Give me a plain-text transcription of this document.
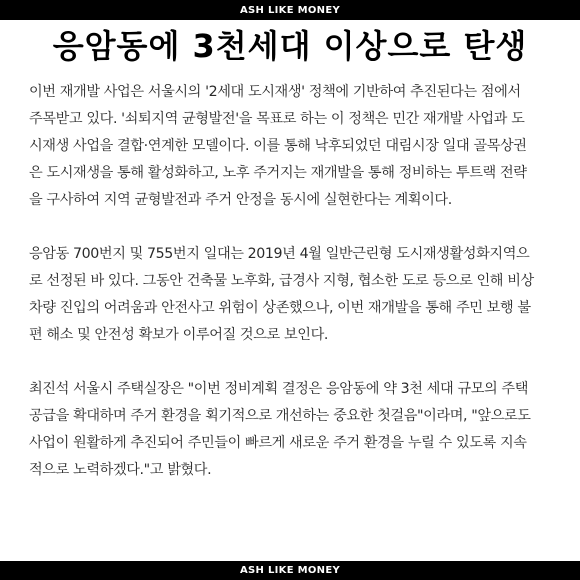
ASH LIKE MONEY
응암동에 3천세대 이상으로 탄생
이번 재개발 사업은 서울시의 '2세대 도시재생' 정책에 기반하여 추진된다는 점에서
주목받고 있다. '쇠퇴지역 균형발전'을 목표로 하는 이 정책은 민간 재개발 사업과 도
시재생 사업을 결합·연계한 모델이다. 이를 통해 낙후되었던 대림시장 일대 골목상권
은 도시재생을 통해 활성화하고, 노후 주거지는 재개발을 통해 정비하는 투트랙 전략
을 구사하여 지역 균형발전과 주거 안정을 동시에 실현한다는 계획이다.
응암동 700번지 및 755번지 일대는 2019년 4월 일반근린형 도시재생활성화지역으
로 선정된 바 있다. 그동안 건축물 노후화, 급경사 지형, 협소한 도로 등으로 인해 비상
차량 진입의 어려움과 안전사고 위험이 상존했으나, 이번 재개발을 통해 주민 보행 불
편 해소 및 안전성 확보가 이루어질 것으로 보인다.
최진석 서울시 주택실장은 "이번 정비계획 결정은 응암동에 약 3천 세대 규모의 주택
공급을 확대하며 주거 환경을 획기적으로 개선하는 중요한 첫걸음"이라며, "앞으로도
사업이 원활하게 추진되어 주민들이 빠르게 새로운 주거 환경을 누릴 수 있도록 지속
적으로 노력하겠다."고 밝혔다.
ASH LIKE MONEY
